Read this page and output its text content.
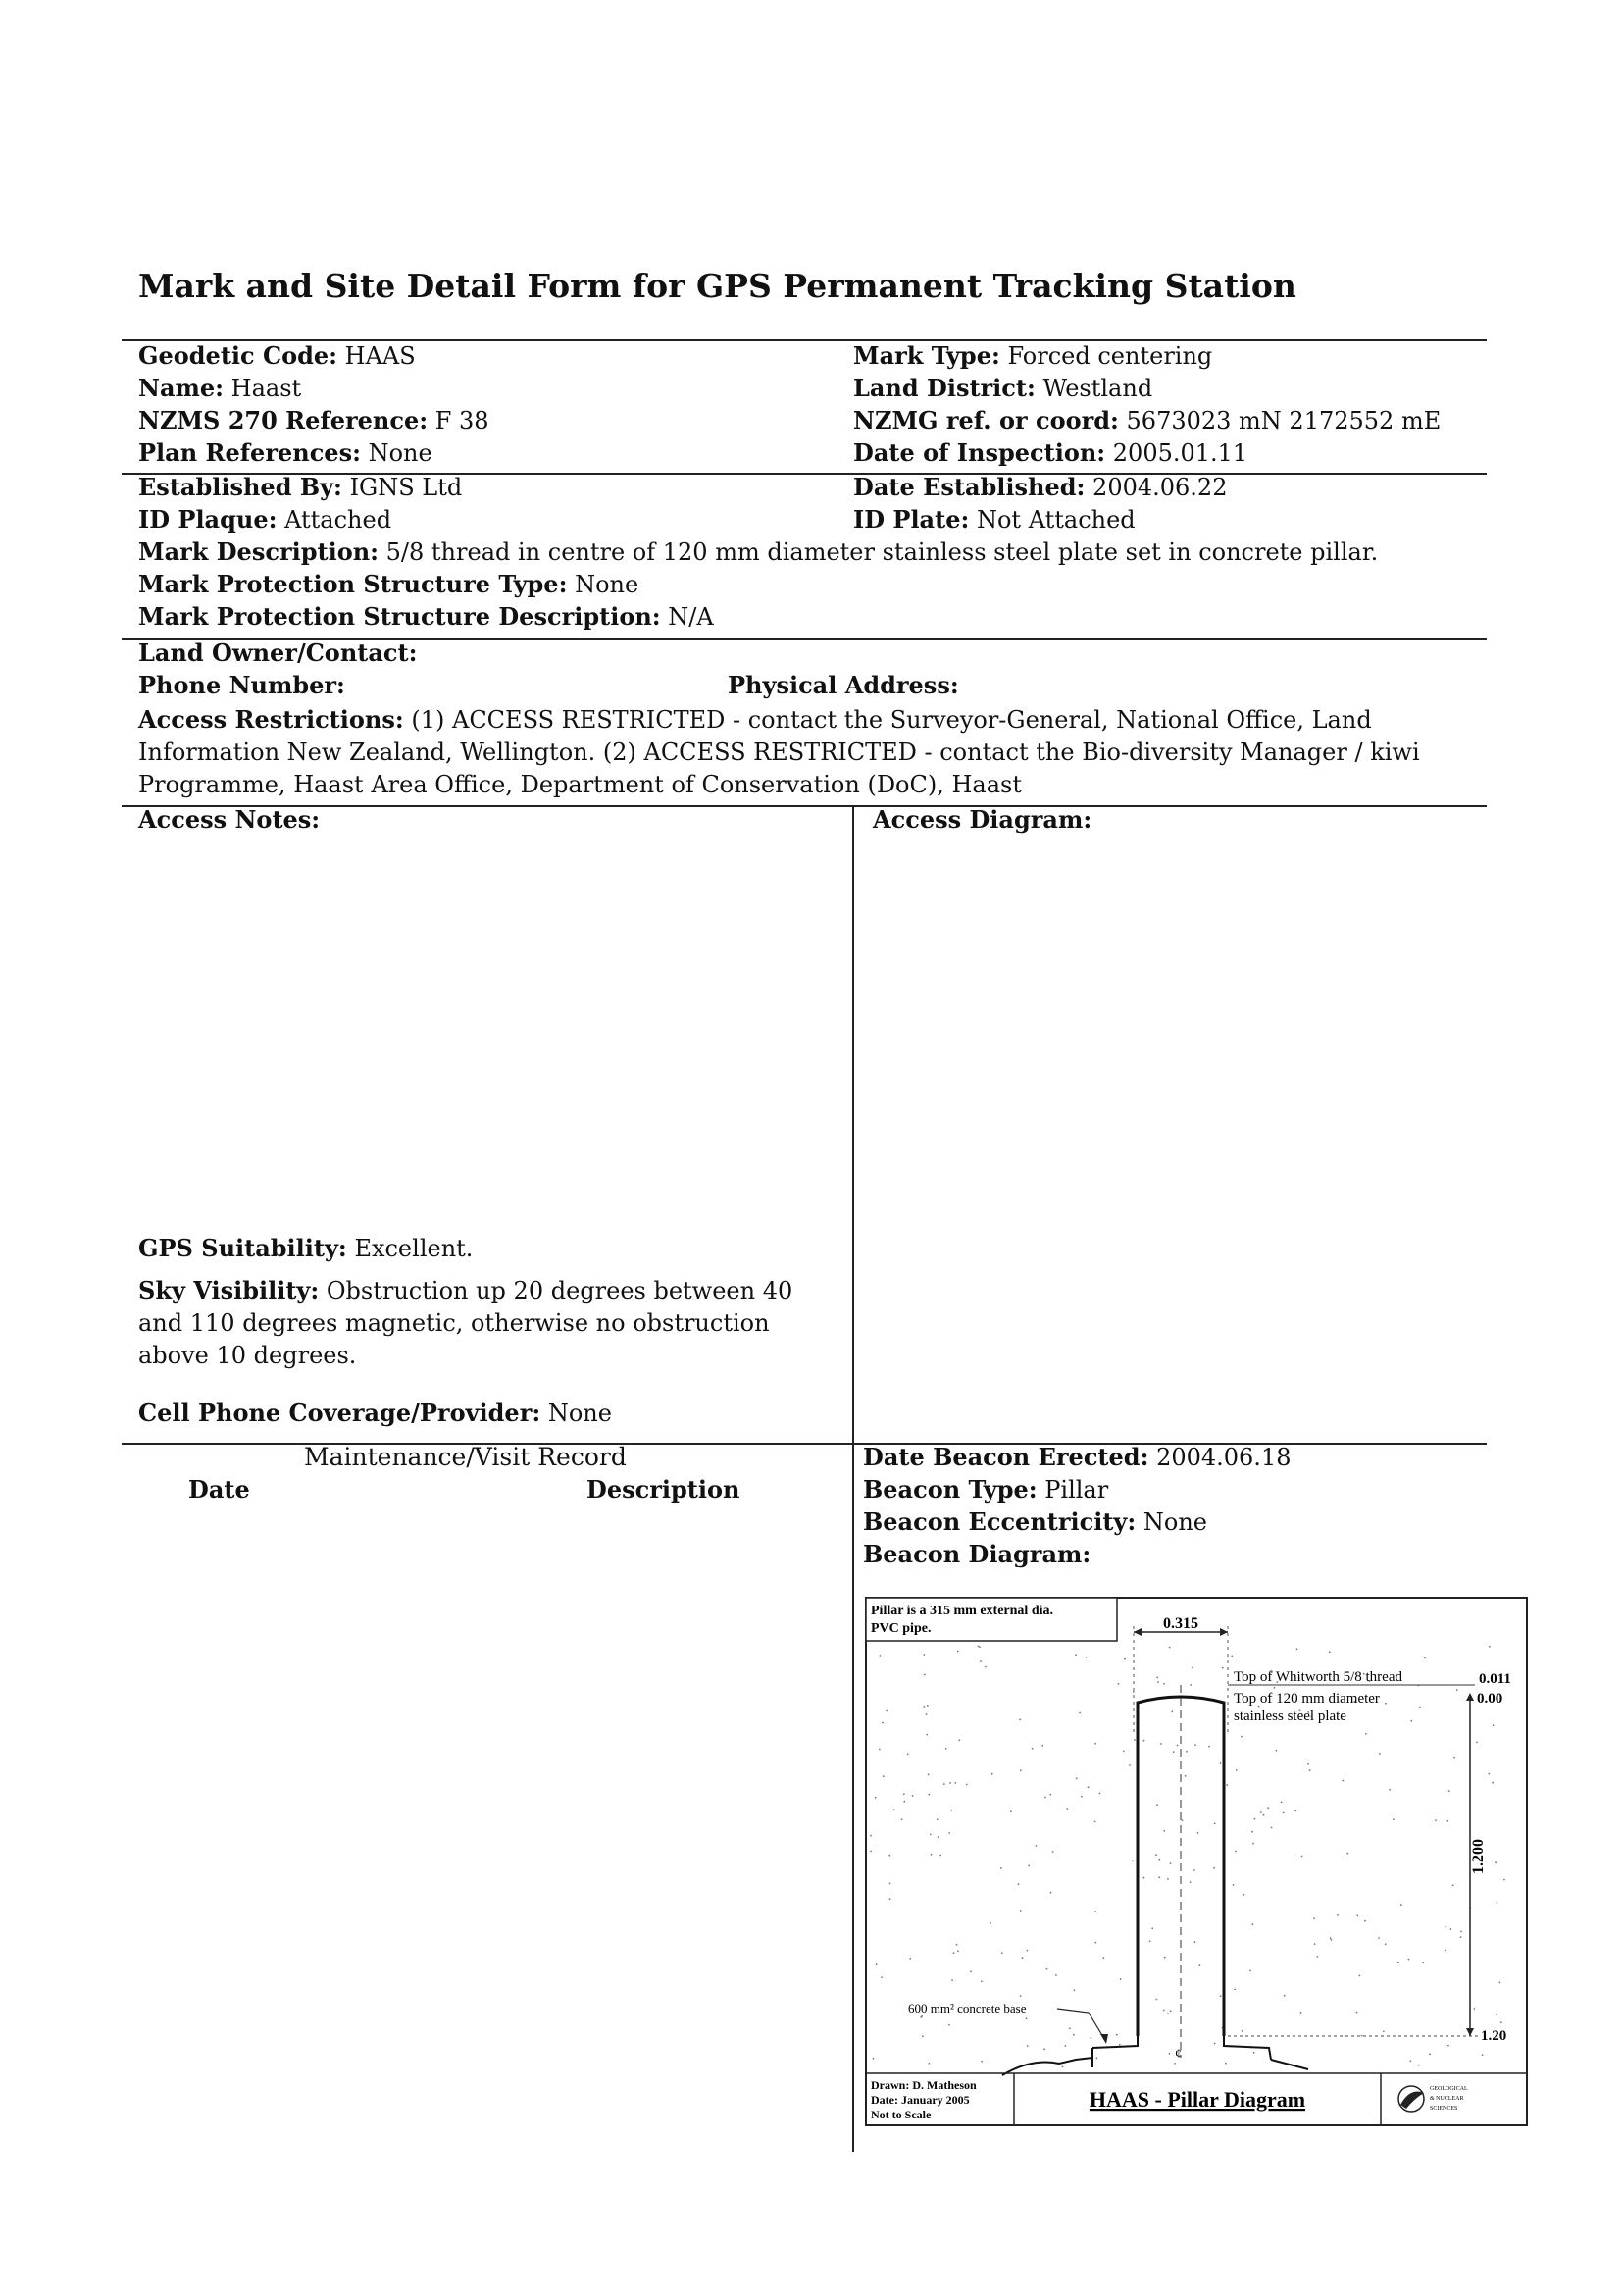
Mark and Site Detail Form for GPS Permanent Tracking Station
Geodetic Code: HAAS	Mark Type: Forced centering
Name: Haast	Land District: Westland
NZMS 270 Reference: F 38	NZMG ref. or coord: 5673023 mN 2172552 mE
Plan References: None	Date of Inspection: 2005.01.11
Established By: IGNS Ltd	Date Established: 2004.06.22
ID Plaque: Attached	ID Plate: Not Attached
Mark Description: 5/8 thread in centre of 120 mm diameter stainless steel plate set in concrete pillar.
Mark Protection Structure Type: None
Mark Protection Structure Description: N/A
Land Owner/Contact:
Phone Number:	Physical Address:
Access Restrictions: (1) ACCESS RESTRICTED - contact the Surveyor-General, National Office, Land Information New Zealand, Wellington. (2) ACCESS RESTRICTED - contact the Bio-diversity Manager / kiwi Programme, Haast Area Office, Department of Conservation (DoC), Haast
Access Notes:	Access Diagram:
GPS Suitability: Excellent.
Sky Visibility: Obstruction up 20 degrees between 40 and 110 degrees magnetic, otherwise no obstruction above 10 degrees.
Cell Phone Coverage/Provider: None
Maintenance/Visit Record
Date	Description
Date Beacon Erected: 2004.06.18
Beacon Type: Pillar
Beacon Eccentricity: None
Beacon Diagram:
Pillar is a 315 mm external dia.
PVC pipe.	0.315
¢
Top of Whitworth 5/8 thread	0.011
Top of 120 mm diameter
stainless steel plate
0.00
1.200
1.20
600 mm² concrete base
Drawn: D. Matheson
Date: January 2005
Not to Scale
HAAS - Pillar Diagram	GEOLOGICAL
& NUCLEAR
SCIENCES
